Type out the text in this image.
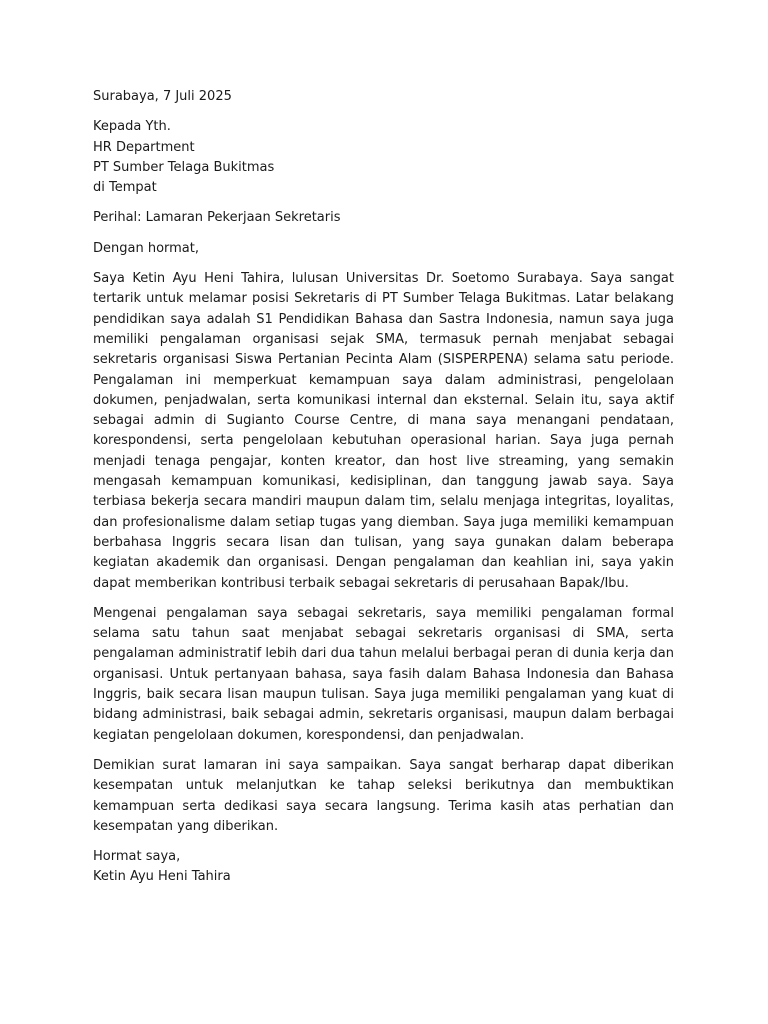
Surabaya, 7 Juli 2025

Kepada Yth.

HR Department

PT Sumber Telaga Bukitmas

di Tempat

Perihal: Lamaran Pekerjaan Sekretaris

Dengan hormat,

Saya Ketin Ayu Heni Tahira, lulusan Universitas Dr. Soetomo Surabaya. Saya sangat tertarik untuk melamar posisi Sekretaris di PT Sumber Telaga Bukitmas. Latar belakang pendidikan saya adalah S1 Pendidikan Bahasa dan Sastra Indonesia, namun saya juga memiliki pengalaman organisasi sejak SMA, termasuk pernah menjabat sebagai sekretaris organisasi Siswa Pertanian Pecinta Alam (SISPERPENA) selama satu periode. Pengalaman ini memperkuat kemampuan saya dalam administrasi, pengelolaan dokumen, penjadwalan, serta komunikasi internal dan eksternal. Selain itu, saya aktif sebagai admin di Sugianto Course Centre, di mana saya menangani pendataan, korespondensi, serta pengelolaan kebutuhan operasional harian. Saya juga pernah menjadi tenaga pengajar, konten kreator, dan host live streaming, yang semakin mengasah kemampuan komunikasi, kedisiplinan, dan tanggung jawab saya. Saya terbiasa bekerja secara mandiri maupun dalam tim, selalu menjaga integritas, loyalitas, dan profesionalisme dalam setiap tugas yang diemban. Saya juga memiliki kemampuan berbahasa Inggris secara lisan dan tulisan, yang saya gunakan dalam beberapa kegiatan akademik dan organisasi. Dengan pengalaman dan keahlian ini, saya yakin dapat memberikan kontribusi terbaik sebagai sekretaris di perusahaan Bapak/Ibu.

Mengenai pengalaman saya sebagai sekretaris, saya memiliki pengalaman formal selama satu tahun saat menjabat sebagai sekretaris organisasi di SMA, serta pengalaman administratif lebih dari dua tahun melalui berbagai peran di dunia kerja dan organisasi. Untuk pertanyaan bahasa, saya fasih dalam Bahasa Indonesia dan Bahasa Inggris, baik secara lisan maupun tulisan. Saya juga memiliki pengalaman yang kuat di bidang administrasi, baik sebagai admin, sekretaris organisasi, maupun dalam berbagai kegiatan pengelolaan dokumen, korespondensi, dan penjadwalan.

Demikian surat lamaran ini saya sampaikan. Saya sangat berharap dapat diberikan kesempatan untuk melanjutkan ke tahap seleksi berikutnya dan membuktikan kemampuan serta dedikasi saya secara langsung. Terima kasih atas perhatian dan kesempatan yang diberikan.

Hormat saya,

Ketin Ayu Heni Tahira
